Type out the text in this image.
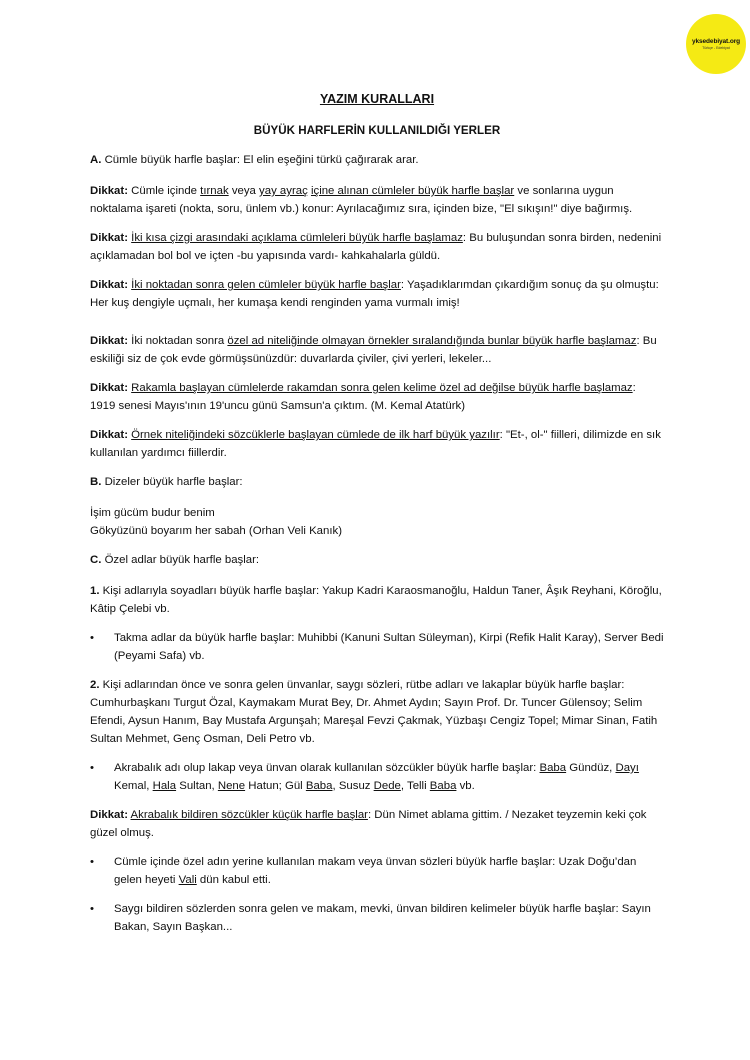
yksedebiyat.org
Türkçe - Edebiyat
YAZIM KURALLARI
BÜYÜK HARFLERİN KULLANILDIĞI YERLER

A. Cümle büyük harfle başlar: El elin eşeğini türkü çağırarak arar.

Dikkat: Cümle içinde tırnak veya yay ayraç içine alınan cümleler büyük harfle başlar ve sonlarına uygun noktalama işareti (nokta, soru, ünlem vb.) konur: Ayrılacağımız sıra, içinden bize, "El sıkışın!" diye bağırmış.

Dikkat: İki kısa çizgi arasındaki açıklama cümleleri büyük harfle başlamaz: Bu buluşundan sonra birden, nedenini açıklamadan bol bol ve içten -bu yapısında vardı- kahkahalarla güldü.

Dikkat: İki noktadan sonra gelen cümleler büyük harfle başlar: Yaşadıklarımdan çıkardığım sonuç da şu olmuştu: Her kuş dengiyle uçmalı, her kumaşa kendi renginden yama vurmalı imiş!

Dikkat: İki noktadan sonra özel ad niteliğinde olmayan örnekler sıralandığında bunlar büyük harfle başlamaz: Bu eskiliği siz de çok evde görmüşsünüzdür: duvarlarda çiviler, çivi yerleri, lekeler...

Dikkat: Rakamla başlayan cümlelerde rakamdan sonra gelen kelime özel ad değilse büyük harfle başlamaz: 1919 senesi Mayıs'ının 19'uncu günü Samsun'a çıktım. (M. Kemal Atatürk)

Dikkat: Örnek niteliğindeki sözcüklerle başlayan cümlede de ilk harf büyük yazılır: "Et-, ol-" fiilleri, dilimizde en sık kullanılan yardımcı fiillerdir.

B. Dizeler büyük harfle başlar:

İşim gücüm budur benim
Gökyüzünü boyarım her sabah (Orhan Veli Kanık)

C. Özel adlar büyük harfle başlar:

1. Kişi adlarıyla soyadları büyük harfle başlar: Yakup Kadri Karaosmanoğlu, Haldun Taner, Âşık Reyhani, Köroğlu, Kâtip Çelebi vb.

• Takma adlar da büyük harfle başlar: Muhibbi (Kanuni Sultan Süleyman), Kirpi (Refik Halit Karay), Server Bedi (Peyami Safa) vb.

2. Kişi adlarından önce ve sonra gelen ünvanlar, saygı sözleri, rütbe adları ve lakaplar büyük harfle başlar: Cumhurbaşkanı Turgut Özal, Kaymakam Murat Bey, Dr. Ahmet Aydın; Sayın Prof. Dr. Tuncer Gülensoy; Selim Efendi, Aysun Hanım, Bay Mustafa Argunşah; Mareşal Fevzi Çakmak, Yüzbaşı Cengiz Topel; Mimar Sinan, Fatih Sultan Mehmet, Genç Osman, Deli Petro vb.

• Akrabalık adı olup lakap veya ünvan olarak kullanılan sözcükler büyük harfle başlar: Baba Gündüz, Dayı Kemal, Hala Sultan, Nene Hatun; Gül Baba, Susuz Dede, Telli Baba vb.

Dikkat: Akrabalık bildiren sözcükler küçük harfle başlar: Dün Nimet ablama gittim. / Nezaket teyzemin keki çok güzel olmuş.

• Cümle içinde özel adın yerine kullanılan makam veya ünvan sözleri büyük harfle başlar: Uzak Doğu’dan gelen heyeti Vali dün kabul etti.
• Saygı bildiren sözlerden sonra gelen ve makam, mevki, ünvan bildiren kelimeler büyük harfle başlar: Sayın Bakan, Sayın Başkan...
